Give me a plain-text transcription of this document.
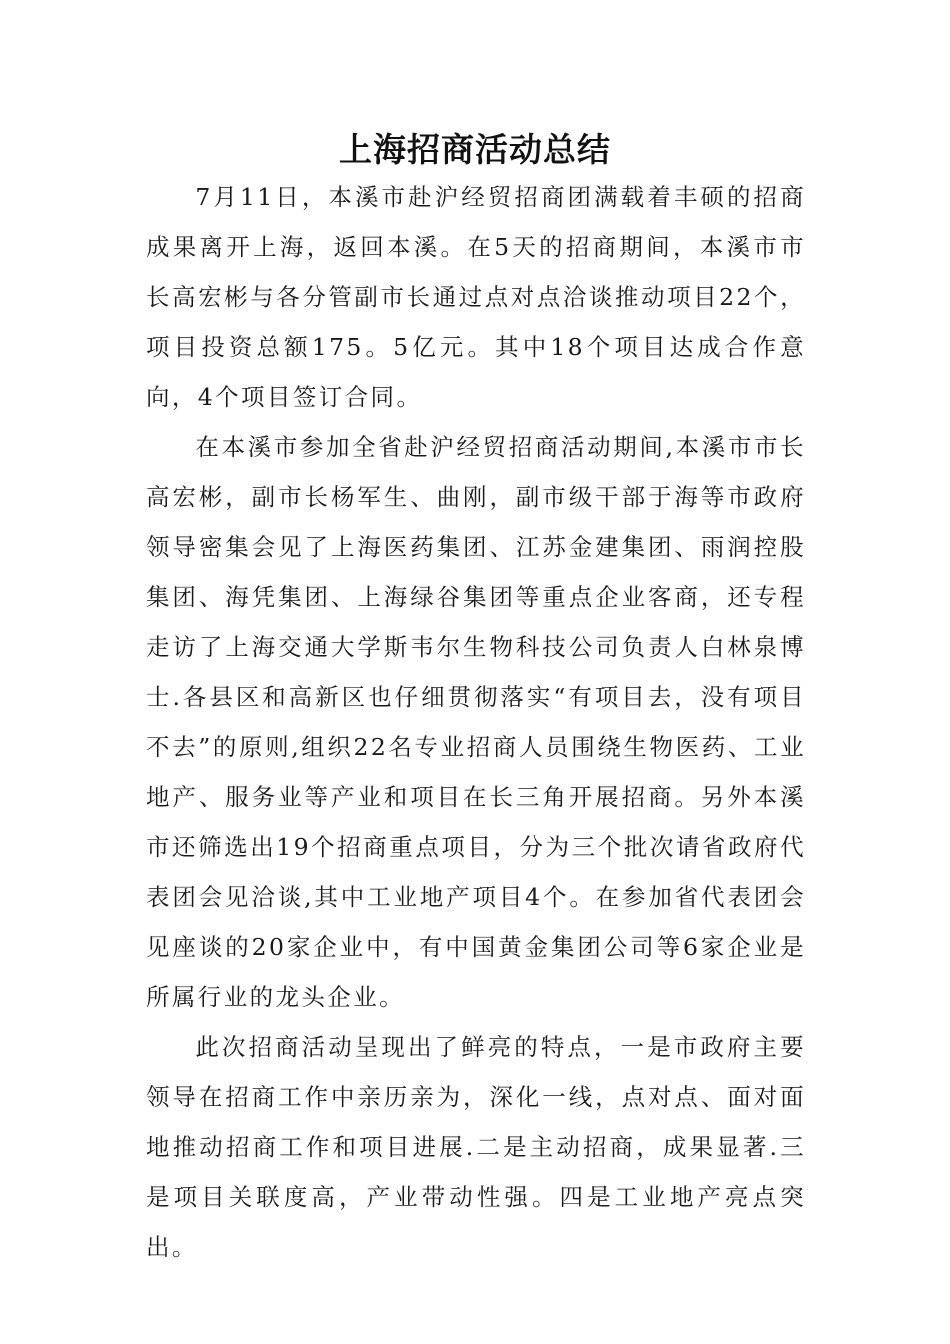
上海招商活动总结

7月11日，本溪市赴沪经贸招商团满载着丰硕的招商成果离开上海，返回本溪。在5天的招商期间，本溪市市长高宏彬与各分管副市长通过点对点洽谈推动项目22个，项目投资总额175。5亿元。其中18个项目达成合作意向，4个项目签订合同。

在本溪市参加全省赴沪经贸招商活动期间,本溪市市长高宏彬，副市长杨军生、曲刚，副市级干部于海等市政府领导密集会见了上海医药集团、江苏金建集团、雨润控股集团、海凭集团、上海绿谷集团等重点企业客商，还专程走访了上海交通大学斯韦尔生物科技公司负责人白林泉博士.各县区和高新区也仔细贯彻落实“有项目去，没有项目不去”的原则,组织22名专业招商人员围绕生物医药、工业地产、服务业等产业和项目在长三角开展招商。另外本溪市还筛选出19个招商重点项目，分为三个批次请省政府代表团会见洽谈,其中工业地产项目4个。在参加省代表团会见座谈的20家企业中，有中国黄金集团公司等6家企业是所属行业的龙头企业。

此次招商活动呈现出了鲜亮的特点，一是市政府主要领导在招商工作中亲历亲为，深化一线，点对点、面对面地推动招商工作和项目进展.二是主动招商，成果显著.三是项目关联度高，产业带动性强。四是工业地产亮点突出。
